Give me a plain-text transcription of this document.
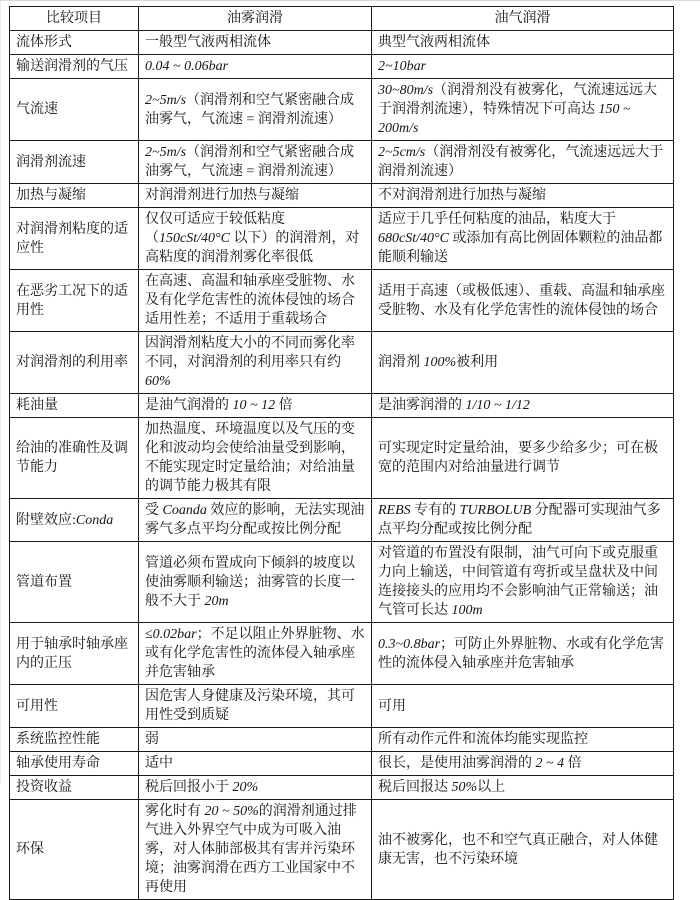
比较项目	油雾润滑	油气润滑
流体形式	一般型气液两相流体	典型气液两相流体
输送润滑剂的气压	0.04 ~ 0.06bar	2~10bar
气流速	2~5m/s（润滑剂和空气紧密融合成油雾气，气流速 = 润滑剂流速）	30~80m/s（润滑剂没有被雾化，气流速远远大于润滑剂流速），特殊情况下可高达 150 ~ 200m/s
润滑剂流速	2~5m/s（润滑剂和空气紧密融合成油雾气，气流速 = 润滑剂流速）	2~5cm/s（润滑剂没有被雾化，气流速远远大于润滑剂流速）
加热与凝缩	对润滑剂进行加热与凝缩	不对润滑剂进行加热与凝缩
对润滑剂粘度的适应性	仅仅可适应于较低粘度（150cSt/40°C 以下）的润滑剂，对高粘度的润滑剂雾化率很低	适应于几乎任何粘度的油品，粘度大于 680cSt/40°C 或添加有高比例固体颗粒的油品都能顺利输送
在恶劣工况下的适用性	在高速、高温和轴承座受脏物、水及有化学危害性的流体侵蚀的场合适用性差；不适用于重载场合	适用于高速（或极低速）、重载、高温和轴承座受脏物、水及有化学危害性的流体侵蚀的场合
对润滑剂的利用率	因润滑剂粘度大小的不同而雾化率不同，对润滑剂的利用率只有约 60%	润滑剂 100%被利用
耗油量	是油气润滑的 10 ~ 12 倍	是油雾润滑的 1/10 ~ 1/12
给油的准确性及调节能力	加热温度、环境温度以及气压的变化和波动均会使给油量受到影响，不能实现定时定量给油；对给油量的调节能力极其有限	可实现定时定量给油，要多少给多少；可在极宽的范围内对给油量进行调节
附壁效应:Conda	受 Coanda 效应的影响，无法实现油雾气多点平均分配或按比例分配	REBS 专有的 TURBOLUB 分配器可实现油气多点平均分配或按比例分配
管道布置	管道必须布置成向下倾斜的坡度以使油雾顺利输送；油雾管的长度一般不大于 20m	对管道的布置没有限制，油气可向下或克服重力向上输送，中间管道有弯折或呈盘状及中间连接接头的应用均不会影响油气正常输送；油气管可长达 100m
用于轴承时轴承座内的正压	≤0.02bar；不足以阻止外界脏物、水或有化学危害性的流体侵入轴承座并危害轴承	0.3~0.8bar；可防止外界脏物、水或有化学危害性的流体侵入轴承座并危害轴承
可用性	因危害人身健康及污染环境，其可用性受到质疑	可用
系统监控性能	弱	所有动作元件和流体均能实现监控
轴承使用寿命	适中	很长，是使用油雾润滑的 2 ~ 4 倍
投资收益	税后回报小于 20%	税后回报达 50%以上
环保	雾化时有 20 ~ 50%的润滑剂通过排气进入外界空气中成为可吸入油雾，对人体肺部极其有害并污染环境；油雾润滑在西方工业国家中不再使用	油不被雾化，也不和空气真正融合，对人体健康无害，也不污染环境
